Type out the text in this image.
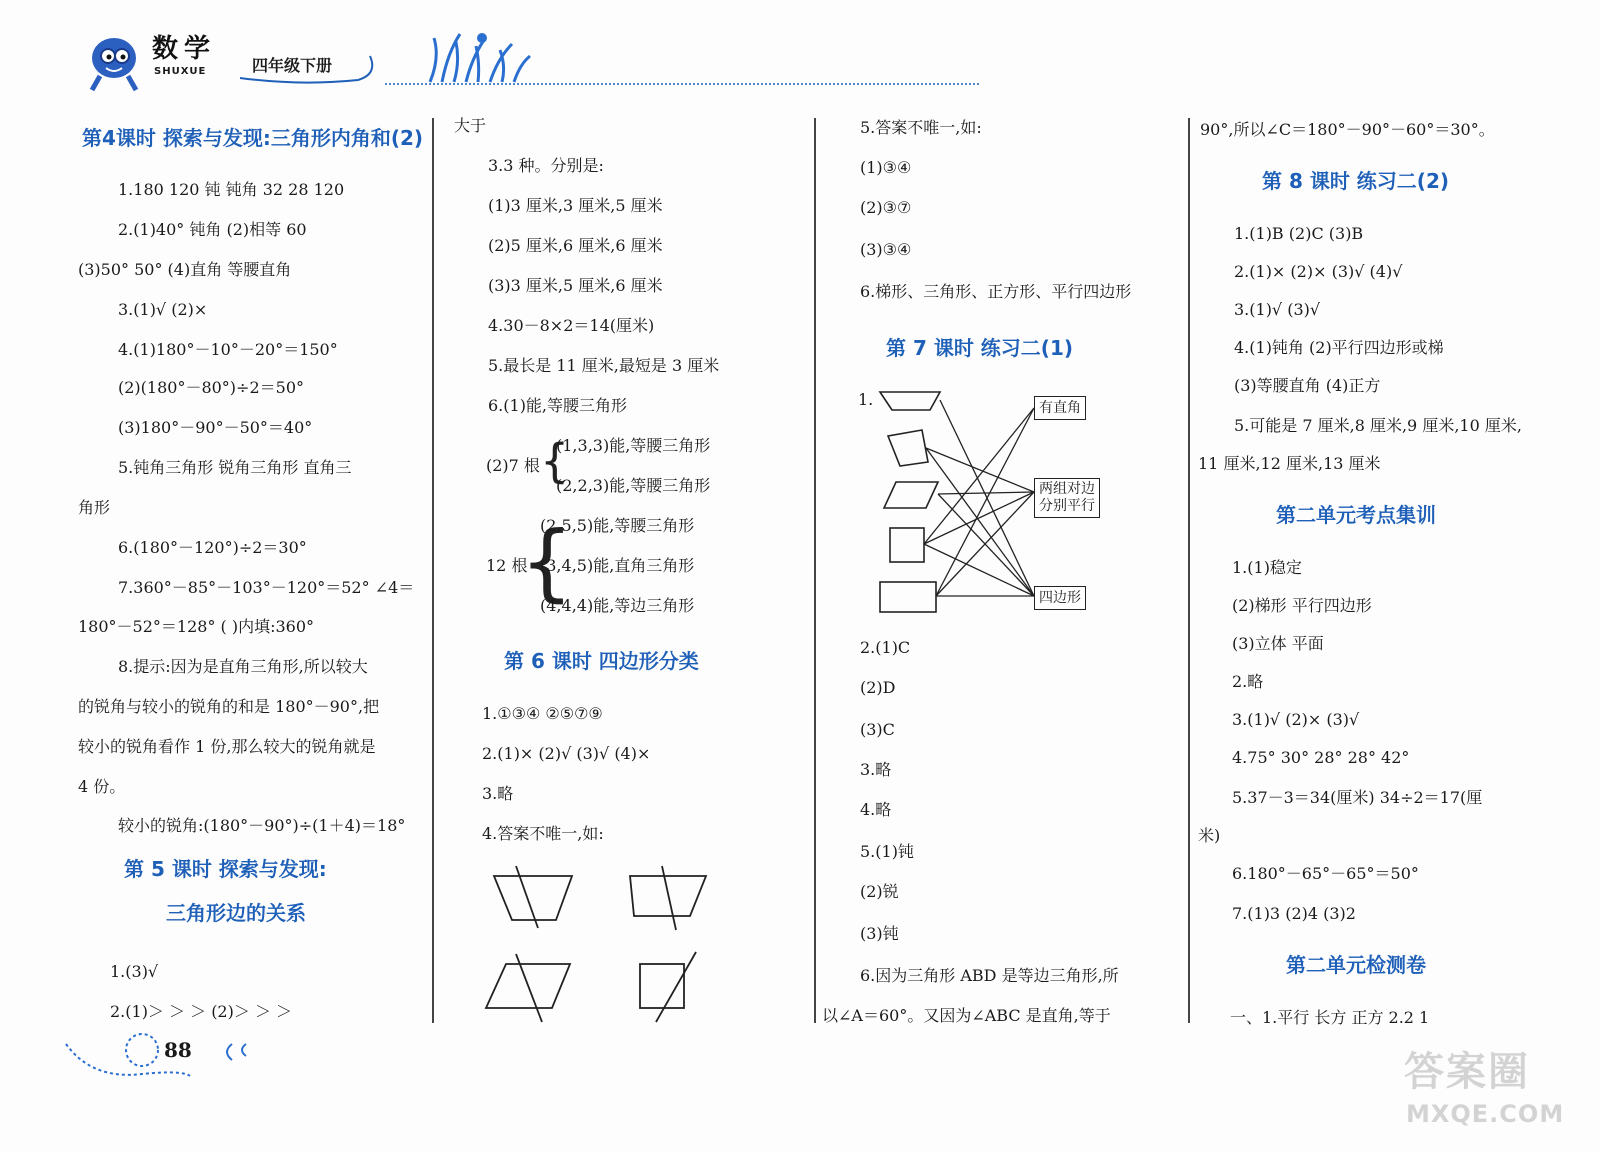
数学
SHUXUE	四年级下册
第4课时 探索与发现:三角形内角和(2)
1.180 120 钝 钝角 32 28 120
2.(1)40° 钝角 (2)相等 60
(3)50° 50° (4)直角 等腰直角
3.(1)√ (2)×
4.(1)180°－10°－20°＝150°
(2)(180°－80°)÷2＝50°
(3)180°－90°－50°＝40°
5.钝角三角形 锐角三角形 直角三
角形
6.(180°－120°)÷2＝30°
7.360°－85°－103°－120°＝52° ∠4＝
180°－52°＝128° ( )内填:360°
8.提示:因为是直角三角形,所以较大
的锐角与较小的锐角的和是 180°－90°,把
较小的锐角看作 1 份,那么较大的锐角就是
4 份。
较小的锐角:(180°－90°)÷(1＋4)＝18°
第 5 课时 探索与发现:
三角形边的关系
1.(3)√
2.(1)＞ ＞ ＞ (2)＞ ＞ ＞
88
大于
3.3 种。分别是:
(1)3 厘米,3 厘米,5 厘米
(2)5 厘米,6 厘米,6 厘米
(3)3 厘米,5 厘米,6 厘米
4.30－8×2＝14(厘米)
5.最长是 11 厘米,最短是 3 厘米
6.(1)能,等腰三角形
(2)7 根 {
(1,3,3)能,等腰三角形
(2,2,3)能,等腰三角形
12 根
{
(2,5,5)能,等腰三角形
(3,4,5)能,直角三角形
(4,4,4)能,等边三角形
第 6 课时 四边形分类
1.①③④ ②⑤⑦⑨
2.(1)× (2)√ (3)√ (4)×
3.略
4.答案不唯一,如:
5.答案不唯一,如:
(1)③④
(2)③⑦
(3)③④
6.梯形、三角形、正方形、平行四边形
第 7 课时 练习二(1)
1.	有直角
两组对边
分别平行
四边形
2.(1)C
(2)D
(3)C
3.略
4.略
5.(1)钝
(2)锐
(3)钝
6.因为三角形 ABD 是等边三角形,所
以∠A＝60°。又因为∠ABC 是直角,等于
90°,所以∠C＝180°－90°－60°＝30°。
第 8 课时 练习二(2)
1.(1)B (2)C (3)B
2.(1)× (2)× (3)√ (4)√
3.(1)√ (3)√
4.(1)钝角 (2)平行四边形或梯
(3)等腰直角 (4)正方
5.可能是 7 厘米,8 厘米,9 厘米,10 厘米,
11 厘米,12 厘米,13 厘米
第二单元考点集训
1.(1)稳定
(2)梯形 平行四边形
(3)立体 平面
2.略
3.(1)√ (2)× (3)√
4.75° 30° 28° 28° 42°
5.37－3＝34(厘米) 34÷2＝17(厘
米)
6.180°－65°－65°＝50°
7.(1)3 (2)4 (3)2
第二单元检测卷
一、1.平行 长方 正方 2.2 1
答案圈
MXQE.COM
